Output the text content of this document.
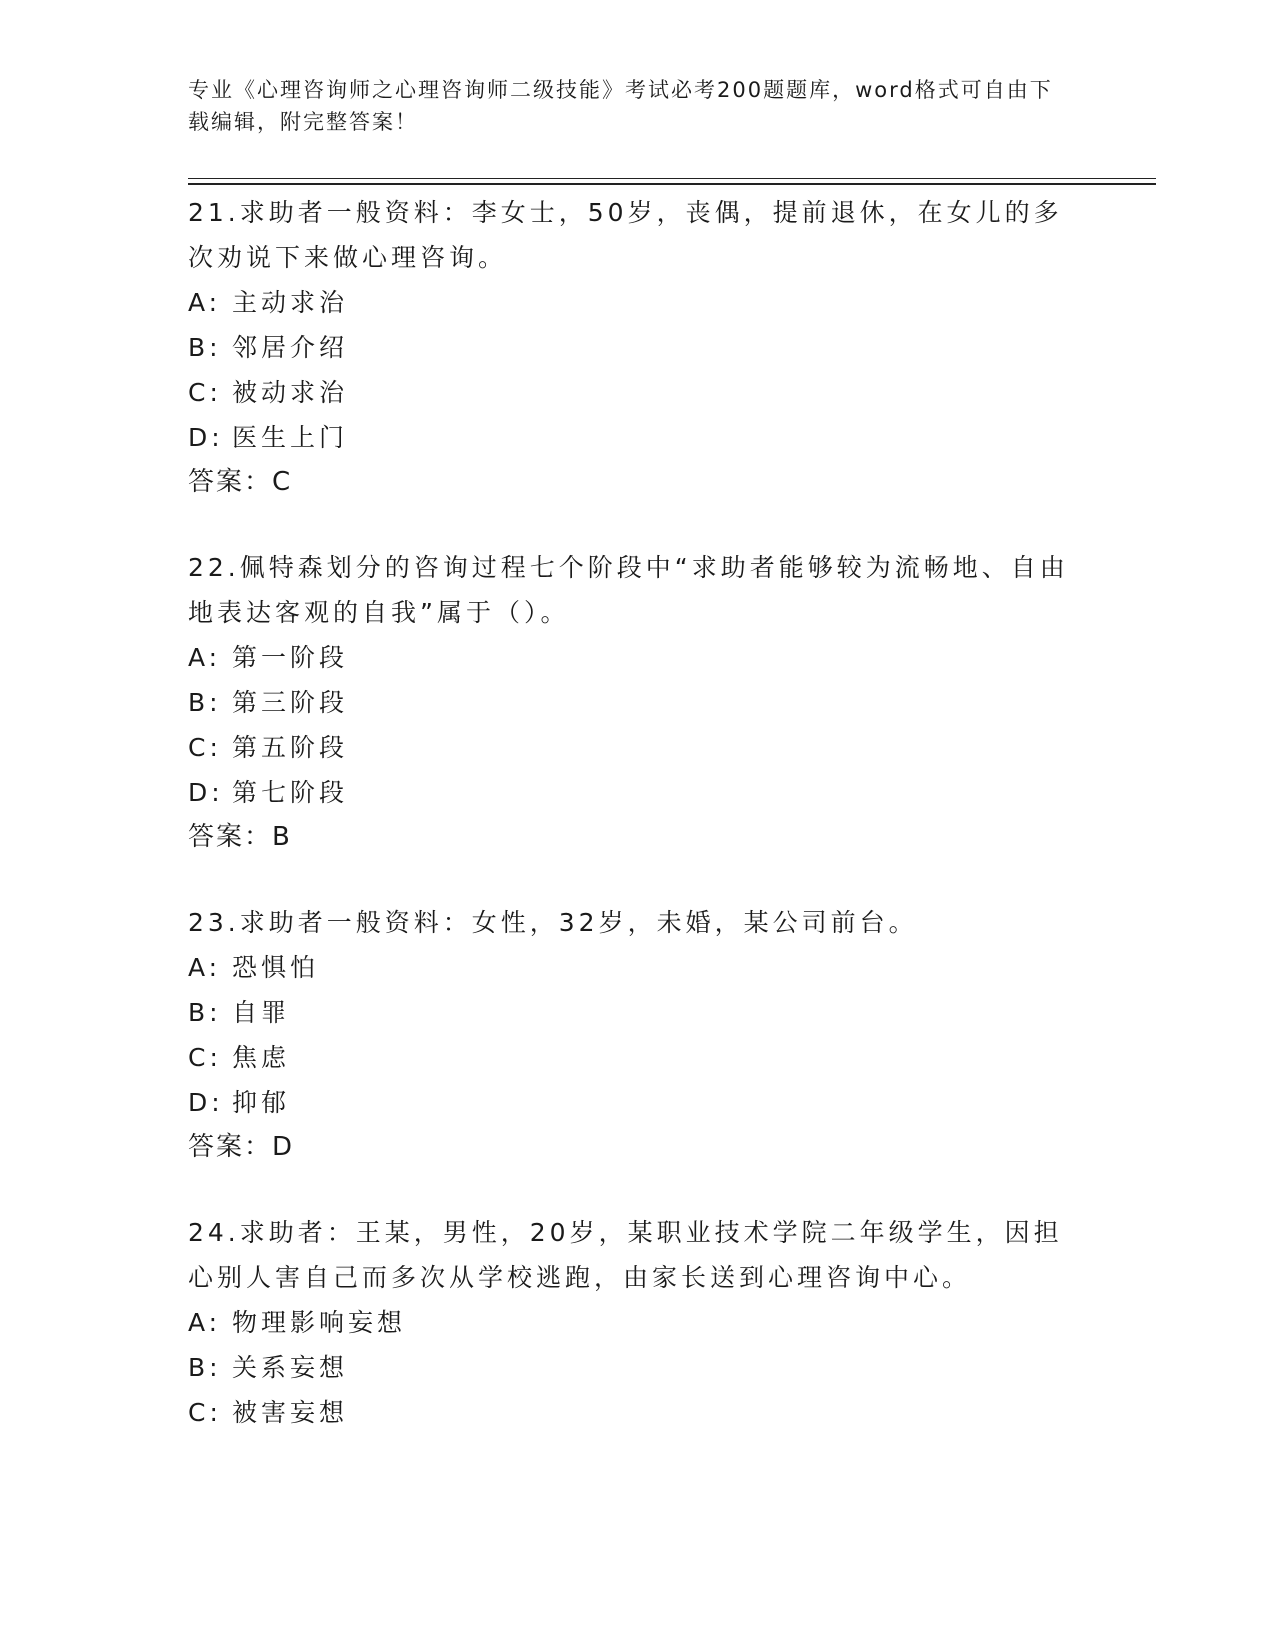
专业《心理咨询师之心理咨询师二级技能》考试必考200题题库，word格式可自由下载编辑，附完整答案！

21.求助者一般资料：李女士，50岁，丧偶，提前退休，在女儿的多次劝说下来做心理咨询。

A: 主动求治

B: 邻居介绍

C: 被动求治

D: 医生上门

答案：C

22.佩特森划分的咨询过程七个阶段中“求助者能够较为流畅地、自由地表达客观的自我”属于（）。

A: 第一阶段

B: 第三阶段

C: 第五阶段

D: 第七阶段

答案：B

23.求助者一般资料：女性，32岁，未婚，某公司前台。

A: 恐惧怕

B: 自罪

C: 焦虑

D: 抑郁

答案：D

24.求助者：王某，男性，20岁，某职业技术学院二年级学生，因担心别人害自己而多次从学校逃跑，由家长送到心理咨询中心。

A: 物理影响妄想

B: 关系妄想

C: 被害妄想
